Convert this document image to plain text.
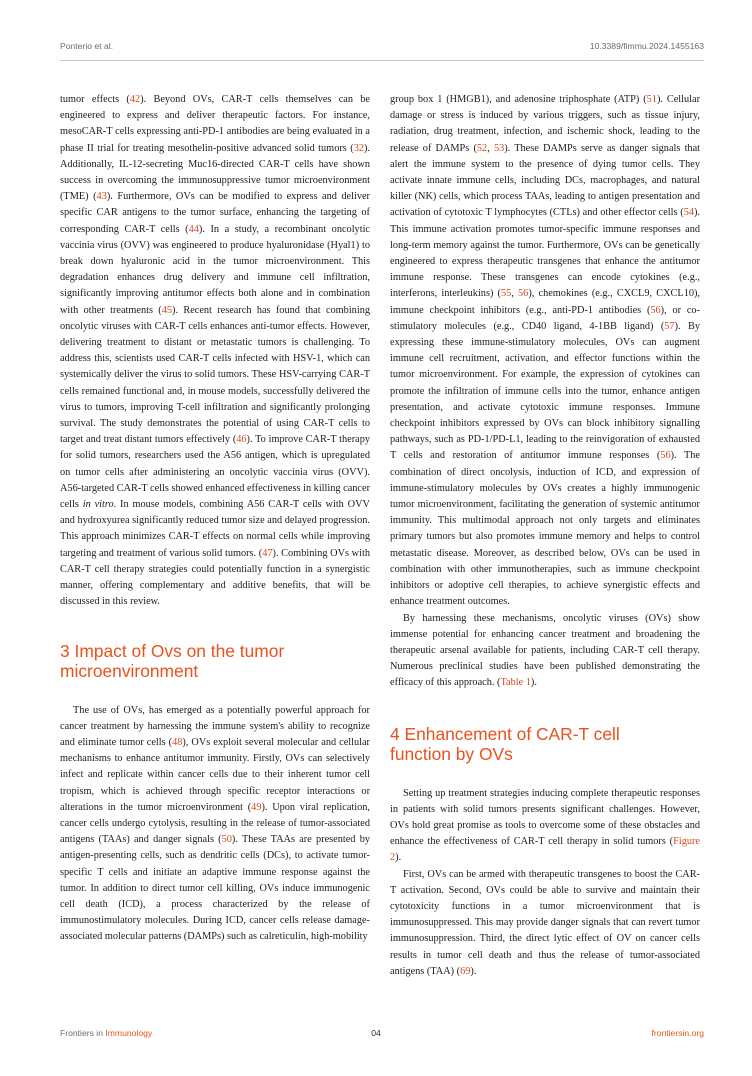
Ponterio et al.	10.3389/fimmu.2024.1455163

tumor effects (42). Beyond OVs, CAR-T cells themselves can be engineered to express and deliver therapeutic factors. For instance, mesoCAR-T cells expressing anti-PD-1 antibodies are being evaluated in a phase II trial for treating mesothelin-positive advanced solid tumors (32). Additionally, IL-12-secreting Muc16-directed CAR-T cells have shown success in overcoming the immunosuppressive tumor microenvironment (TME) (43). Furthermore, OVs can be modified to express and deliver specific CAR antigens to the tumor surface, enhancing the targeting of corresponding CAR-T cells (44). In a study, a recombinant oncolytic vaccinia virus (OVV) was engineered to produce hyaluronidase (Hyal1) to break down hyaluronic acid in the tumor microenvironment. This degradation enhances drug delivery and immune cell infiltration, significantly improving antitumor effects both alone and in combination with other treatments (45). Recent research has found that combining oncolytic viruses with CAR-T cells enhances anti-tumor effects. However, delivering treatment to distant or metastatic tumors is challenging. To address this, scientists used CAR-T cells infected with HSV-1, which can systemically deliver the virus to solid tumors. These HSV-carrying CAR-T cells remained functional and, in mouse models, successfully delivered the virus to tumors, improving T-cell infiltration and significantly prolonging survival. The study demonstrates the potential of using CAR-T cells to target and treat distant tumors effectively (46). To improve CAR-T therapy for solid tumors, researchers used the A56 antigen, which is upregulated on tumor cells after administering an oncolytic vaccinia virus (OVV). A56-targeted CAR-T cells showed enhanced effectiveness in killing cancer cells in vitro. In mouse models, combining A56 CAR-T cells with OVV and hydroxyurea significantly reduced tumor size and delayed progression. This approach minimizes CAR-T effects on normal cells while improving targeting and treatment of various solid tumors. (47). Combining OVs with CAR-T cell therapy strategies could potentially function in a synergistic manner, offering complementary and additive benefits, that will be discussed in this review.

3 Impact of Ovs on the tumor microenvironment

The use of OVs, has emerged as a potentially powerful approach for cancer treatment by harnessing the immune system's ability to recognize and eliminate tumor cells (48), OVs exploit several molecular and cellular mechanisms to enhance antitumor immunity. Firstly, OVs can selectively infect and replicate within cancer cells due to their inherent tumor cell tropism, which is achieved through specific receptor interactions or alterations in the tumor microenvironment (49). Upon viral replication, cancer cells undergo cytolysis, resulting in the release of tumor-associated antigens (TAAs) and danger signals (50). These TAAs are presented by antigen-presenting cells, such as dendritic cells (DCs), to activate tumor-specific T cells and initiate an adaptive immune response against the tumor. In addition to direct tumor cell killing, OVs induce immunogenic cell death (ICD), a process characterized by the release of immunostimulatory molecules. During ICD, cancer cells release damage-associated molecular patterns (DAMPs) such as calreticulin, high-mobility

group box 1 (HMGB1), and adenosine triphosphate (ATP) (51). Cellular damage or stress is induced by various triggers, such as tissue injury, radiation, drug treatment, infection, and ischemic shock, leading to the release of DAMPs (52, 53). These DAMPs serve as danger signals that alert the immune system to the presence of dying tumor cells. They activate innate immune cells, including DCs, macrophages, and natural killer (NK) cells, which process TAAs, leading to antigen presentation and activation of cytotoxic T lymphocytes (CTLs) and other effector cells (54). This immune activation promotes tumor-specific immune responses and long-term memory against the tumor. Furthermore, OVs can be genetically engineered to express therapeutic transgenes that enhance the antitumor immune response. These transgenes can encode cytokines (e.g., interferons, interleukins) (55, 56), chemokines (e.g., CXCL9, CXCL10), immune checkpoint inhibitors (e.g., anti-PD-1 antibodies (56), or co-stimulatory molecules (e.g., CD40 ligand, 4-1BB ligand) (57). By expressing these immune-stimulatory molecules, OVs can augment immune cell recruitment, activation, and effector functions within the tumor microenvironment. For example, the expression of cytokines can promote the infiltration of immune cells into the tumor, enhance antigen presentation, and activate cytotoxic immune responses. Immune checkpoint inhibitors expressed by OVs can block inhibitory signalling pathways, such as PD-1/PD-L1, leading to the reinvigoration of exhausted T cells and restoration of antitumor immune responses (56). The combination of direct oncolysis, induction of ICD, and expression of immune-stimulatory molecules by OVs creates a highly immunogenic tumor microenvironment, facilitating the generation of systemic antitumor immunity. This multimodal approach not only targets and eliminates primary tumors but also promotes immune memory and helps to control metastatic disease. Moreover, as described below, OVs can be used in combination with other immunotherapies, such as immune checkpoint inhibitors or adoptive cell therapies, to achieve synergistic effects and enhance treatment outcomes.

By harnessing these mechanisms, oncolytic viruses (OVs) show immense potential for enhancing cancer treatment and broadening the therapeutic arsenal available for patients, including CAR-T cell therapy. Numerous preclinical studies have been published demonstrating the efficacy of this approach. (Table 1).

4 Enhancement of CAR-T cell function by OVs

Setting up treatment strategies inducing complete therapeutic responses in patients with solid tumors presents significant challenges. However, OVs hold great promise as tools to overcome some of these obstacles and enhance the effectiveness of CAR-T cell therapy in solid tumors (Figure 2).

First, OVs can be armed with therapeutic transgenes to boost the CAR-T activation. Second, OVs could be able to survive and maintain their cytotoxicity functions in a tumor microenvironment that is immunosuppressed. This may provide danger signals that can revert tumor immunosuppression. Third, the direct lytic effect of OV on cancer cells results in tumor cell death and thus the release of tumor-associated antigens (TAA) (69).

Frontiers in Immunology	04	frontiersin.org
